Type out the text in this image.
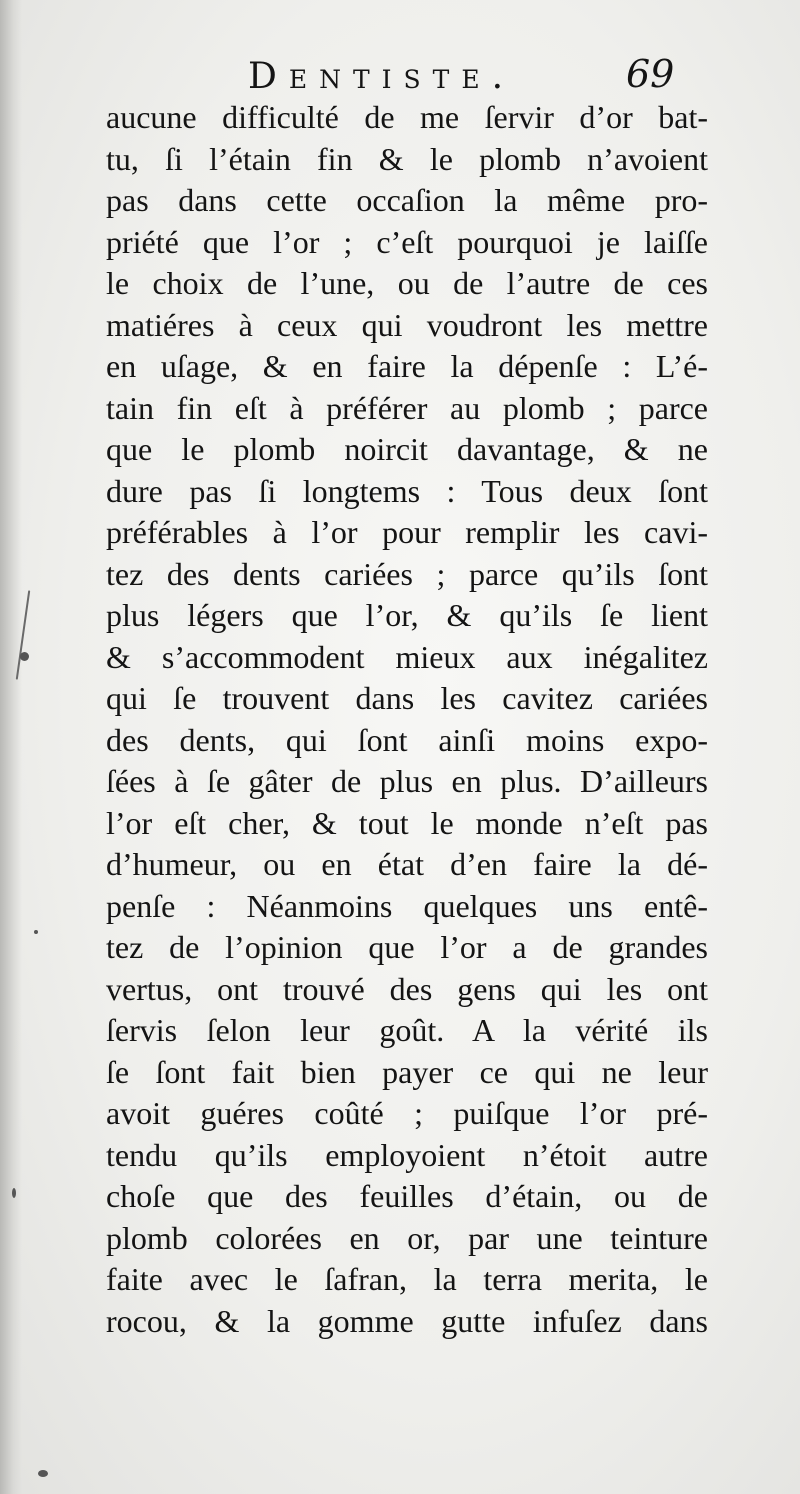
Dentiste.	69
aucune difficulté de me ſervir d’or bat-
tu, ſi l’étain fin & le plomb n’avoient
pas dans cette occaſion la même pro-
priété que l’or ; c’eſt pourquoi je laiſſe
le choix de l’une, ou de l’autre de ces
matiéres à ceux qui voudront les mettre
en uſage, & en faire la dépenſe : L’é-
tain fin eſt à préférer au plomb ; parce
que le plomb noircit davantage, & ne
dure pas ſi longtems : Tous deux ſont
préférables à l’or pour remplir les cavi-
tez des dents cariées ; parce qu’ils ſont
plus légers que l’or, & qu’ils ſe lient
& s’accommodent mieux aux inégalitez
qui ſe trouvent dans les cavitez cariées
des dents, qui ſont ainſi moins expo-
ſées à ſe gâter de plus en plus. D’ailleurs
l’or eſt cher, & tout le monde n’eſt pas
d’humeur, ou en état d’en faire la dé-
penſe : Néanmoins quelques uns entê-
tez de l’opinion que l’or a de grandes
vertus, ont trouvé des gens qui les ont
ſervis ſelon leur goût. A la vérité ils
ſe ſont fait bien payer ce qui ne leur
avoit guéres coûté ; puiſque l’or pré-
tendu qu’ils employoient n’étoit autre
choſe que des feuilles d’étain, ou de
plomb colorées en or, par une teinture
faite avec le ſafran, la terra merita, le
rocou, & la gomme gutte infuſez dans
